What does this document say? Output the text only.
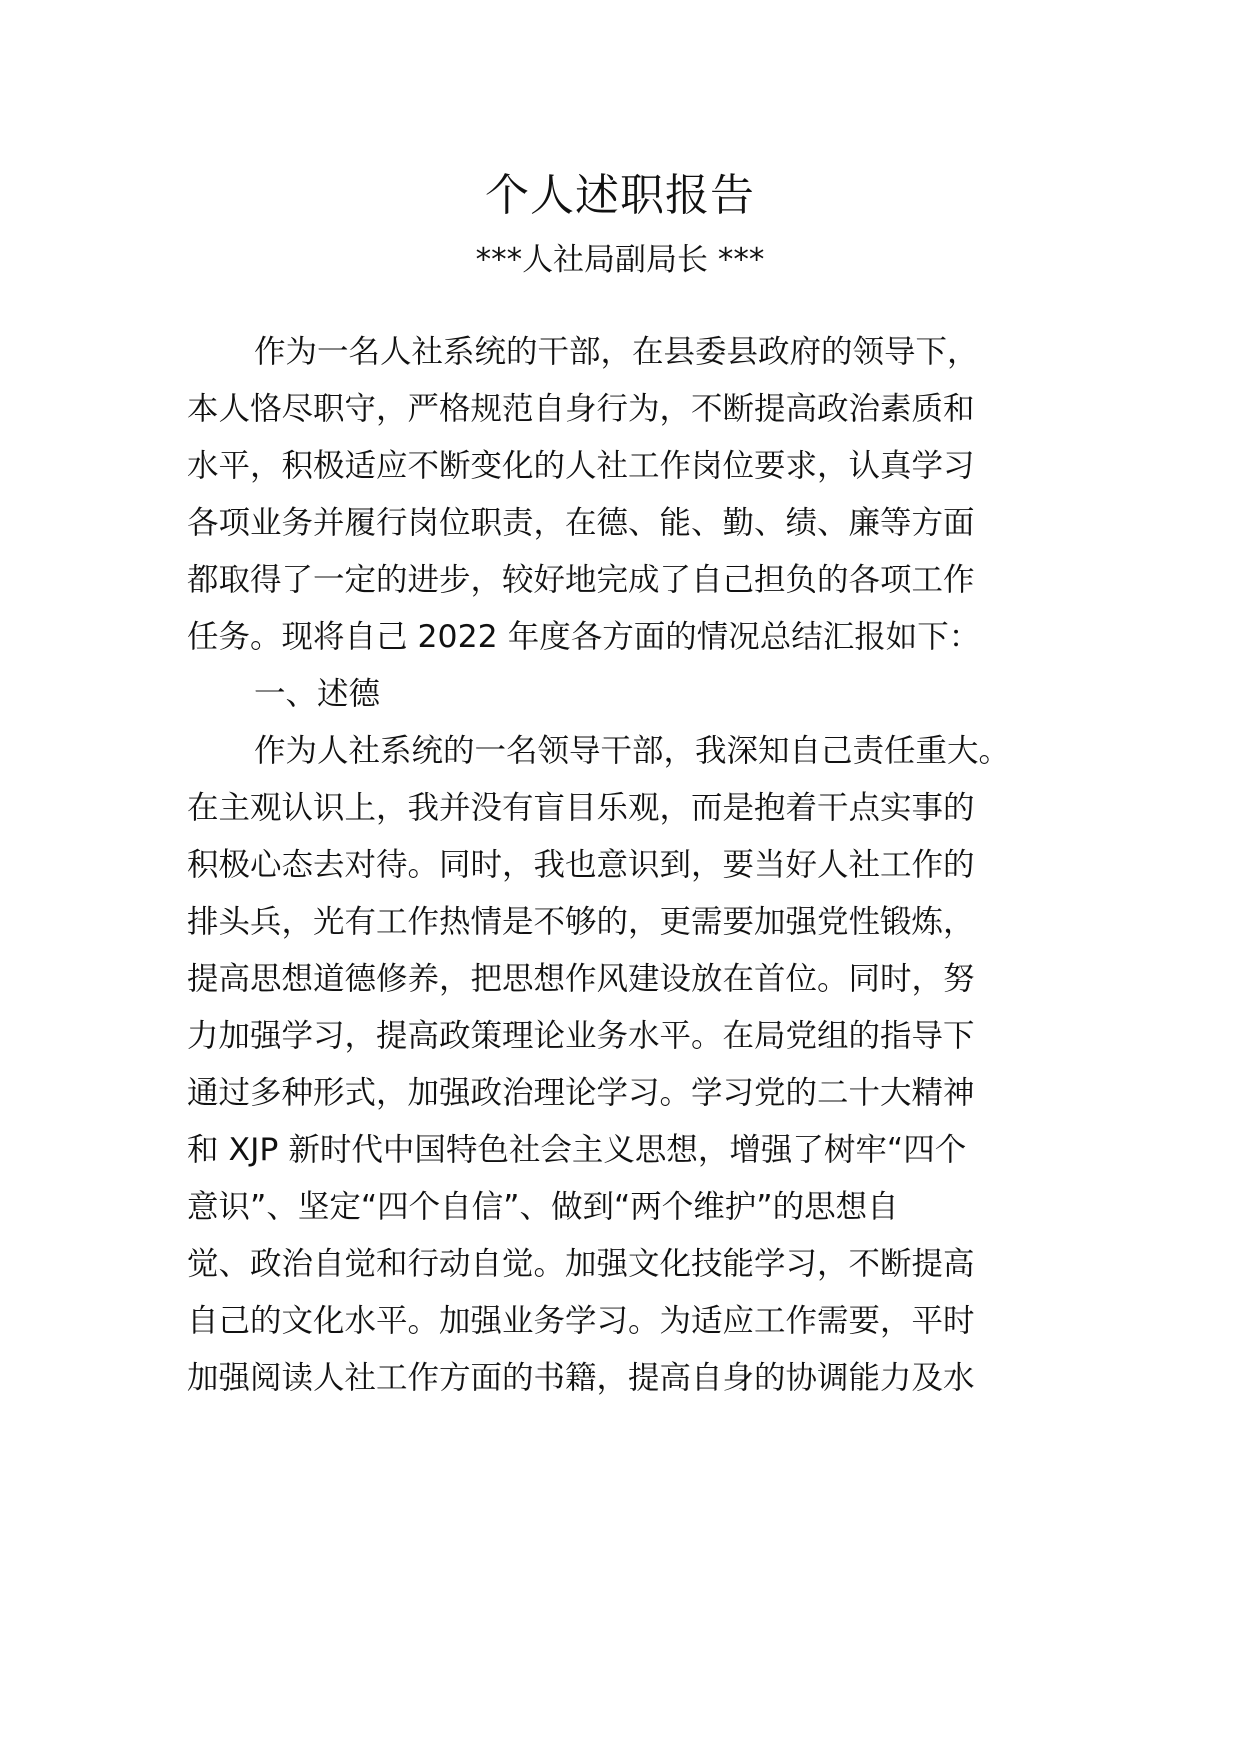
个人述职报告
***人社局副局长 ***
作为一名人社系统的干部，在县委县政府的领导下，
本人恪尽职守，严格规范自身行为，不断提高政治素质和
水平，积极适应不断变化的人社工作岗位要求，认真学习
各项业务并履行岗位职责，在德、能、勤、绩、廉等方面
都取得了一定的进步，较好地完成了自己担负的各项工作
任务。现将自己 2022 年度各方面的情况总结汇报如下：
一、述德
作为人社系统的一名领导干部，我深知自己责任重大。
在主观认识上，我并没有盲目乐观，而是抱着干点实事的
积极心态去对待。同时，我也意识到，要当好人社工作的
排头兵，光有工作热情是不够的，更需要加强党性锻炼，
提高思想道德修养，把思想作风建设放在首位。同时，努
力加强学习，提高政策理论业务水平。在局党组的指导下
通过多种形式，加强政治理论学习。学习党的二十大精神
和 XJP 新时代中国特色社会主义思想，增强了树牢“四个
意识”、坚定“四个自信”、做到“两个维护”的思想自
觉、政治自觉和行动自觉。加强文化技能学习，不断提高
自己的文化水平。加强业务学习。为适应工作需要，平时
加强阅读人社工作方面的书籍，提高自身的协调能力及水
